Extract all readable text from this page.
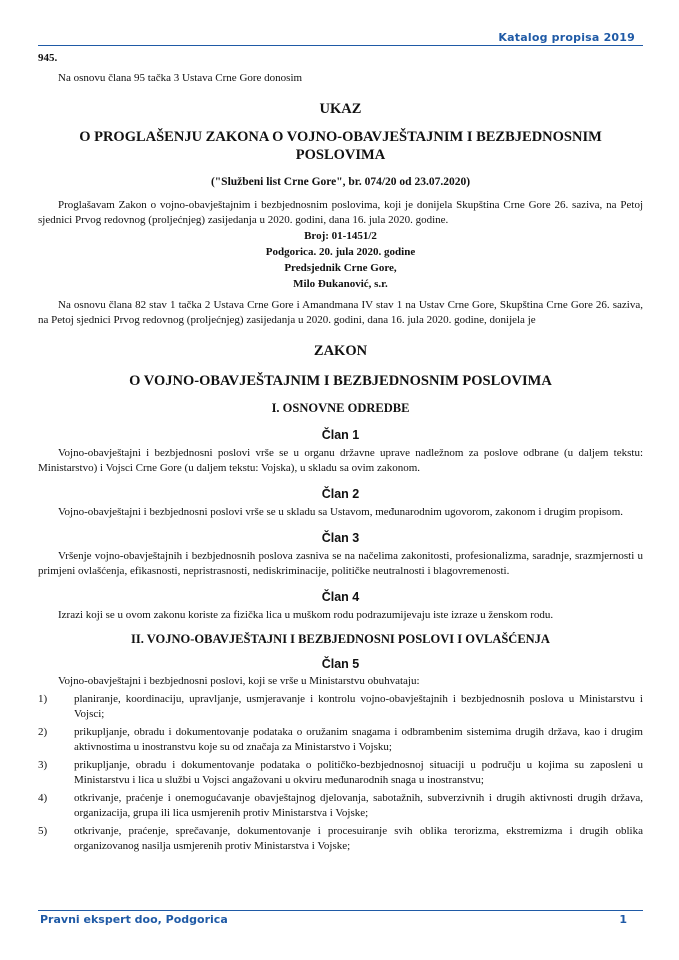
Katalog propisa 2019

945.

Na osnovu člana 95 tačka 3 Ustava Crne Gore donosim

UKAZ

O PROGLAŠENJU ZAKONA O VOJNO-OBAVJEŠTAJNIM I BEZBJEDNOSNIM POSLOVIMA

("Službeni list Crne Gore", br. 074/20 od 23.07.2020)

Proglašavam Zakon o vojno-obavještajnim i bezbjednosnim poslovima, koji je donijela Skupština Crne Gore 26. saziva, na Petoj sjednici Prvog redovnog (proljećnjeg) zasijedanja u 2020. godini, dana 16. jula 2020. godine.

Broj: 01-1451/2

Podgorica. 20. jula 2020. godine

Predsjednik Crne Gore,

Milo Đukanović, s.r.

Na osnovu člana 82 stav 1 tačka 2 Ustava Crne Gore i Amandmana IV stav 1 na Ustav Crne Gore, Skupština Crne Gore 26. saziva, na Petoj sjednici Prvog redovnog (proljećnjeg) zasijedanja u 2020. godini, dana 16. jula 2020. godine, donijela je

ZAKON

O VOJNO-OBAVJEŠTAJNIM I BEZBJEDNOSNIM POSLOVIMA

I. OSNOVNE ODREDBE

Član 1

Vojno-obavještajni i bezbjednosni poslovi vrše se u organu državne uprave nadležnom za poslove odbrane (u daljem tekstu: Ministarstvo) i Vojsci Crne Gore (u daljem tekstu: Vojska), u skladu sa ovim zakonom.

Član 2

Vojno-obavještajni i bezbjednosni poslovi vrše se u skladu sa Ustavom, međunarodnim ugovorom, zakonom i drugim propisom.

Član 3

Vršenje vojno-obavještajnih i bezbjednosnih poslova zasniva se na načelima zakonitosti, profesionalizma, saradnje, srazmjernosti u primjeni ovlašćenja, efikasnosti, nepristrasnosti, nediskriminacije, političke neutralnosti i blagovremenosti.

Član 4

Izrazi koji se u ovom zakonu koriste za fizička lica u muškom rodu podrazumijevaju iste izraze u ženskom rodu.

II. VOJNO-OBAVJEŠTAJNI I BEZBJEDNOSNI POSLOVI I OVLAŠĆENJA

Član 5

Vojno-obavještajni i bezbjednosni poslovi, koji se vrše u Ministarstvu obuhvataju:

1) planiranje, koordinaciju, upravljanje, usmjeravanje i kontrolu vojno-obavještajnih i bezbjednosnih poslova u Ministarstvu i Vojsci;

2) prikupljanje, obradu i dokumentovanje podataka o oružanim snagama i odbrambenim sistemima drugih država, kao i drugim aktivnostima u inostranstvu koje su od značaja za Ministarstvo i Vojsku;

3) prikupljanje, obradu i dokumentovanje podataka o političko-bezbjednosnoj situaciji u području u kojima su zaposleni u Ministarstvu i lica u službi u Vojsci angažovani u okviru međunarodnih snaga u inostranstvu;

4) otkrivanje, praćenje i onemogućavanje obavještajnog djelovanja, sabotažnih, subverzivnih i drugih aktivnosti drugih država, organizacija, grupa ili lica usmjerenih protiv Ministarstva i Vojske;

5) otkrivanje, praćenje, sprečavanje, dokumentovanje i procesuiranje svih oblika terorizma, ekstremizma i drugih oblika organizovanog nasilja usmjerenih protiv Ministarstva i Vojske;

Pravni ekspert doo, Podgorica	1
